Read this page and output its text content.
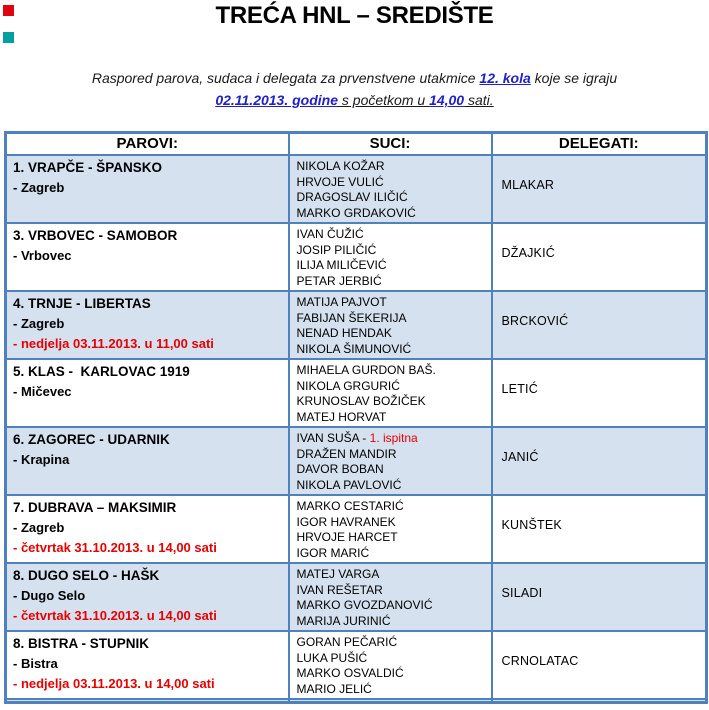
TREĆA HNL – SREDIŠTE

Raspored parova, sudaca i delegata za prvenstvene utakmice 12. kola koje se igraju
02.11.2013. godine s početkom u 14,00 sati.

PAROVI:	SUCI:	DELEGATI:

1. VRAPČE - ŠPANSKO
- Zagreb

NIKOLA KOŽAR
HRVOJE VULIĆ
DRAGOSLAV ILIČIĆ
MARKO GRDAKOVIĆ
	MLAKAR

3. VRBOVEC - SAMOBOR
- Vrbovec

IVAN ČUŽIĆ
JOSIP PILIČIĆ
ILIJA MILIČEVIĆ
PETAR JERBIĆ
	DŽAJKIĆ

4. TRNJE - LIBERTAS
- Zagreb
- nedjelja 03.11.2013. u 11,00 sati

MATIJA PAJVOT
FABIJAN ŠEKERIJA
NENAD HENDAK
NIKOLA ŠIMUNOVIĆ
	BRCKOVIĆ

5. KLAS -  KARLOVAC 1919
- Mičevec

MIHAELA GURDON BAŠ.
NIKOLA GRGURIĆ
KRUNOSLAV BOŽIČEK
MATEJ HORVAT
	LETIĆ

6. ZAGOREC - UDARNIK
- Krapina

IVAN SUŠA - 1. ispitna
DRAŽEN MANDIR
DAVOR BOBAN
NIKOLA PAVLOVIĆ
	JANIĆ

7. DUBRAVA – MAKSIMIR
- Zagreb
- četvrtak 31.10.2013. u 14,00 sati

MARKO CESTARIĆ
IGOR HAVRANEK
HRVOJE HARCET
IGOR MARIĆ
	KUNŠTEK

8. DUGO SELO - HAŠK
- Dugo Selo
- četvrtak 31.10.2013. u 14,00 sati

MATEJ VARGA
IVAN REŠETAR
MARKO GVOZDANOVIĆ
MARIJA JURINIĆ
	SILADI

8. BISTRA - STUPNIK
- Bistra
- nedjelja 03.11.2013. u 14,00 sati

GORAN PEČARIĆ
LUKA PUŠIĆ
MARKO OSVALDIĆ
MARIO JELIĆ
	CRNOLATAC
